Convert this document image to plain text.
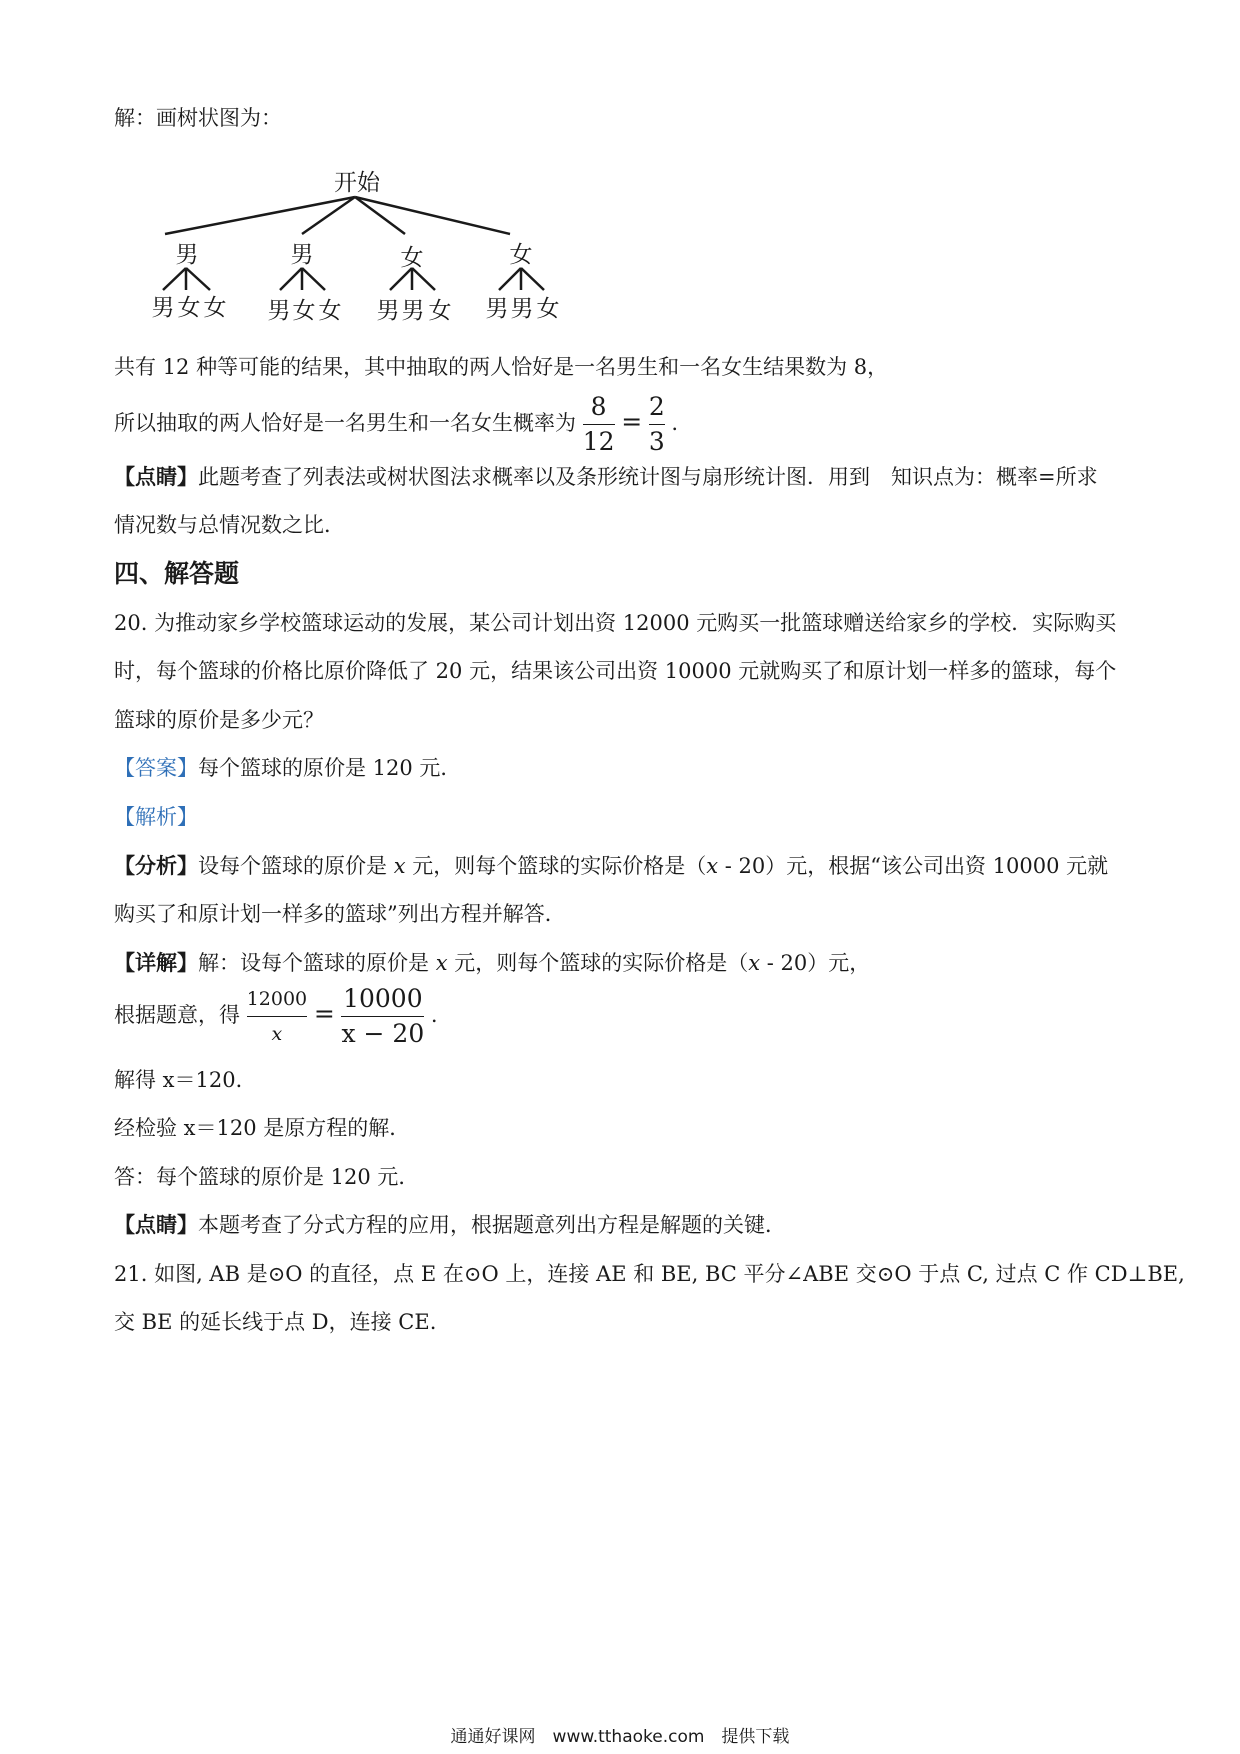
解：画树状图为：
开始
男	男	女	女
男 女 女 男 女 女 男 男 女 男 男 女
共有 12 种等可能的结果，其中抽取的两人恰好是一名男生和一名女生结果数为 8，
所以抽取的两人恰好是一名男生和一名女生概率为 $\frac{8}{12} = \frac{2}{3}$ .
【点睛】此题考查了列表法或树状图法求概率以及条形统计图与扇形统计图．用到　知识点为：概率=所求
情况数与总情况数之比．
四、解答题
20. 为推动家乡学校篮球运动的发展，某公司计划出资 12000 元购买一批篮球赠送给家乡的学校．实际购买
时，每个篮球的价格比原价降低了 20 元，结果该公司出资 10000 元就购买了和原计划一样多的篮球，每个
篮球的原价是多少元？
【答案】每个篮球的原价是 120 元．
【解析】
【分析】设每个篮球的原价是 x 元，则每个篮球的实际价格是（x - 20）元，根据“该公司出资 10000 元就
购买了和原计划一样多的篮球”列出方程并解答．
【详解】解：设每个篮球的原价是 x 元，则每个篮球的实际价格是（x - 20）元，
根据题意，得 $\frac{12000}{x} = \frac{10000}{x - 20}$ .
解得 x＝120．
经检验 x＝120 是原方程的解．
答：每个篮球的原价是 120 元．
【点睛】本题考查了分式方程的应用，根据题意列出方程是解题的关键．
21. 如图, AB 是⊙O 的直径，点 E 在⊙O 上，连接 AE 和 BE, BC 平分∠ABE 交⊙O 于点 C, 过点 C 作 CD⊥BE,
交 BE 的延长线于点 D，连接 CE.
通通好课网　www.tthaoke.com　提供下载
